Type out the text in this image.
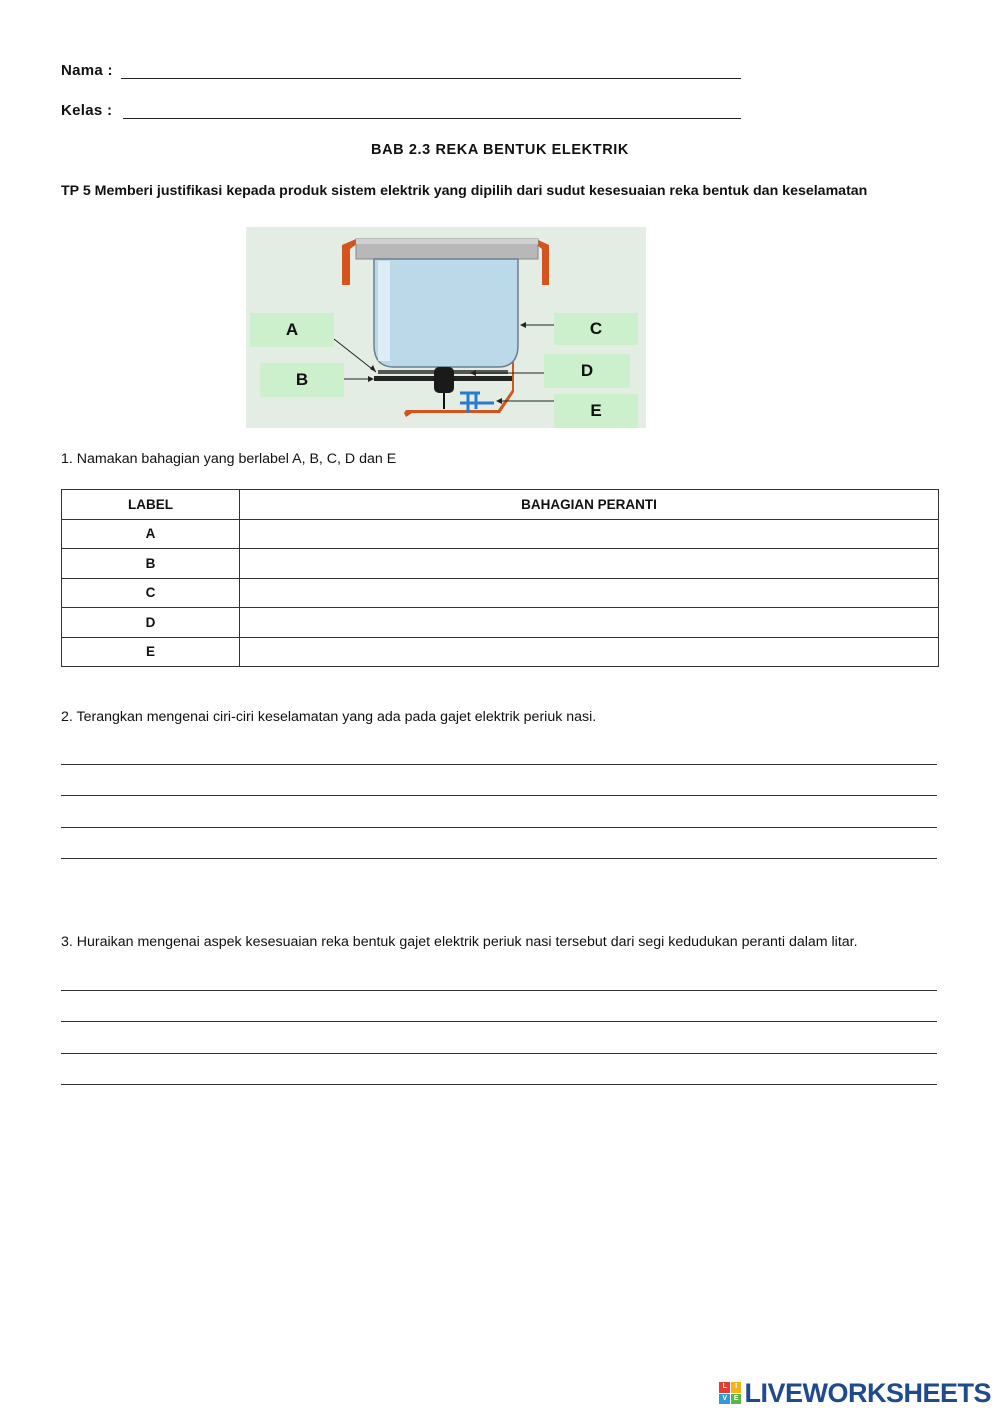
Nama :
Kelas :
BAB 2.3 REKA BENTUK ELEKTRIK
TP 5 Memberi justifikasi kepada produk sistem elektrik yang dipilih dari sudut kesesuaian reka bentuk dan keselamatan
A
B
C
D
E
1. Namakan bahagian yang berlabel A, B, C, D dan E
LABEL	BAHAGIAN PERANTI
A	
B	
C	
D	
E	
2. Terangkan mengenai ciri-ciri keselamatan yang ada pada gajet elektrik periuk nasi.
3. Huraikan mengenai aspek kesesuaian reka bentuk gajet elektrik periuk nasi tersebut dari segi kedudukan peranti dalam litar.
L	I
V E LIVEWORKSHEETS
